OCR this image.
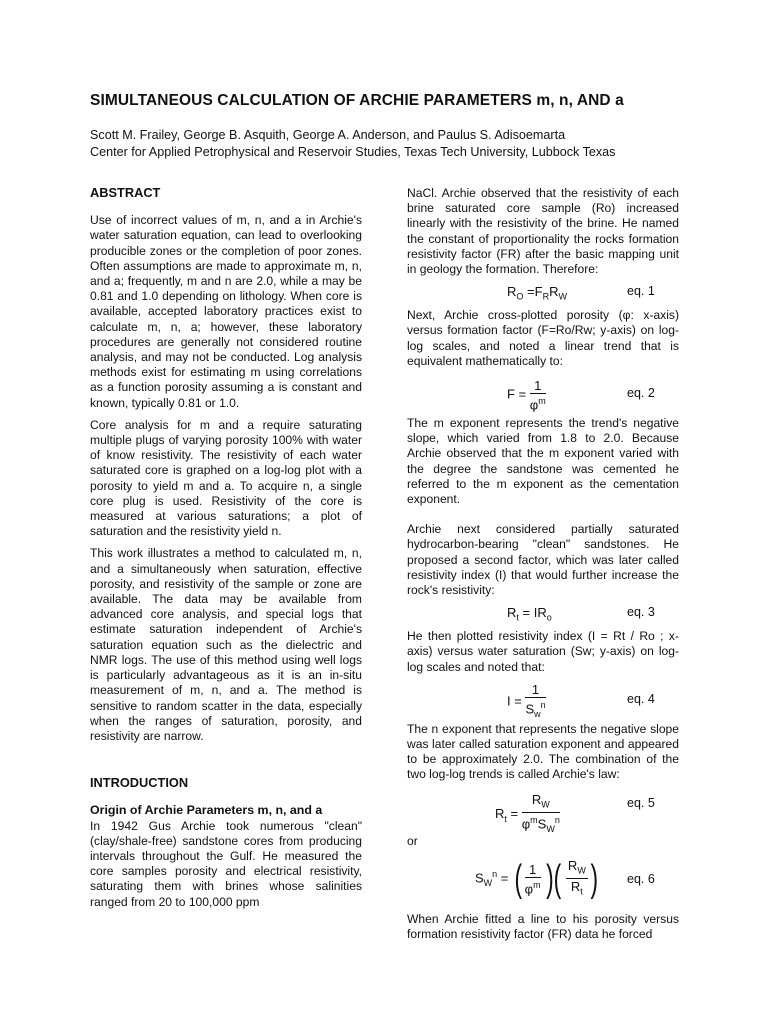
SIMULTANEOUS CALCULATION OF ARCHIE PARAMETERS m, n, AND a
Scott M. Frailey, George B. Asquith, George A. Anderson, and Paulus S. Adisoemarta
Center for Applied Petrophysical and Reservoir Studies, Texas Tech University, Lubbock Texas
ABSTRACT

Use of incorrect values of m, n, and a in Archie's water saturation equation, can lead to overlooking producible zones or the completion of poor zones. Often assumptions are made to approximate m, n, and a; frequently, m and n are 2.0, while a may be 0.81 and 1.0 depending on lithology. When core is available, accepted laboratory practices exist to calculate m, n, a; however, these laboratory procedures are generally not considered routine analysis, and may not be conducted. Log analysis methods exist for estimating m using correlations as a function porosity assuming a is constant and known, typically 0.81 or 1.0.

Core analysis for m and a require saturating multiple plugs of varying porosity 100% with water of know resistivity. The resistivity of each water saturated core is graphed on a log-log plot with a porosity to yield m and a. To acquire n, a single core plug is used. Resistivity of the core is measured at various saturations; a plot of saturation and the resistivity yield n.

This work illustrates a method to calculated m, n, and a simultaneously when saturation, effective porosity, and resistivity of the sample or zone are available. The data may be available from advanced core analysis, and special logs that estimate saturation independent of Archie's saturation equation such as the dielectric and NMR logs. The use of this method using well logs is particularly advantageous as it is an in-situ measurement of m, n, and a. The method is sensitive to random scatter in the data, especially when the ranges of saturation, porosity, and resistivity are narrow.

INTRODUCTION
Origin of Archie Parameters m, n, and a

In 1942 Gus Archie took numerous "clean" (clay/shale-free) sandstone cores from producing intervals throughout the Gulf. He measured the core samples porosity and electrical resistivity, saturating them with brines whose salinities ranged from 20 to 100,000 ppm

NaCl. Archie observed that the resistivity of each brine saturated core sample (Ro) increased linearly with the resistivity of the brine. He named the constant of proportionality the rocks formation resistivity factor (FR) after the basic mapping unit in geology the formation. Therefore:

$R_O =F_RR_W$	eq. 1

Next, Archie cross-plotted porosity (φ: x-axis) versus formation factor (F=Ro/Rw; y-axis) on log-log scales, and noted a linear trend that is equivalent mathematically to:

$F = \frac{1}{\varphi^m}$	eq. 2

The m exponent represents the trend's negative slope, which varied from 1.8 to 2.0. Because Archie observed that the m exponent varied with the degree the sandstone was cemented he referred to the m exponent as the cementation exponent.

Archie next considered partially saturated hydrocarbon-bearing "clean" sandstones. He proposed a second factor, which was later called resistivity index (I) that would further increase the rock's resistivity:

$R_t = IR_o$	eq. 3

He then plotted resistivity index (I = Rt / Ro ; x-axis) versus water saturation (Sw; y-axis) on log-log scales and noted that:

$I = \frac{1}{S_w^n}$	eq. 4

The n exponent that represents the negative slope was later called saturation exponent and appeared to be approximately 2.0. The combination of the two log-log trends is called Archie's law:

$R_t = \frac{R_W}{\varphi^mS_W^n}$	eq. 5

or

$S_W^n$ = ( $\frac{1}{\varphi^m}$ )( $\frac{R_W}{R_t}$ ) eq. 6

When Archie fitted a line to his porosity versus formation resistivity factor (FR) data he forced
